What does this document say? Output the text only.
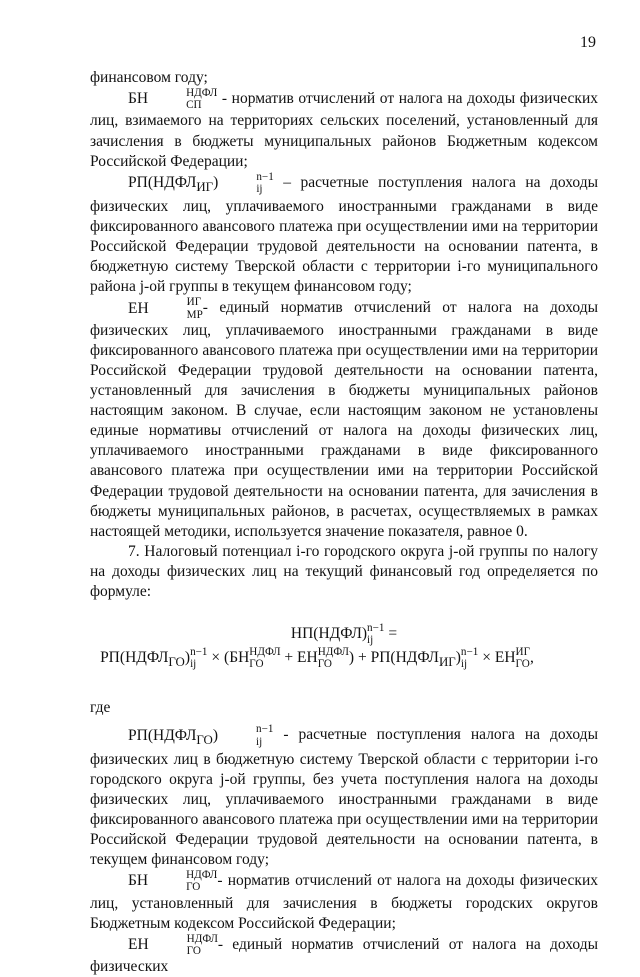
19

финансовом году;

БН	НДФЛ
СП	- норматив отчислений от налога на доходы физических лиц, взимаемого на территориях сельских поселений, установленный для зачисления в бюджеты муниципальных районов Бюджетным кодексом Российской Федерации;

$РП(НДФЛ_{ИГ})$	n−1
ij – расчетные поступления налога на доходы физических лиц, уплачиваемого иностранными гражданами в виде фиксированного авансового платежа при осуществлении ими на территории Российской Федерации трудовой деятельности на основании патента, в бюджетную систему Тверской области с территории i-го муниципального района j-ой группы в текущем финансовом году;

ЕН	ИГ
МР - единый норматив отчислений от налога на доходы физических лиц, уплачиваемого иностранными гражданами в виде фиксированного авансового платежа при осуществлении ими на территории Российской Федерации трудовой деятельности на основании патента, установленный для зачисления в бюджеты муниципальных районов настоящим законом. В случае, если настоящим законом не установлены единые нормативы отчислений от налога на доходы физических лиц, уплачиваемого иностранными гражданами в виде фиксированного авансового платежа при осуществлении ими на территории Российской Федерации трудовой деятельности на основании патента, для зачисления в бюджеты муниципальных районов, в расчетах, осуществляемых в рамках настоящей методики, используется значение показателя, равное 0.

7. Налоговый потенциал i-го городского округа j-ой группы по налогу на доходы физических лиц на текущий финансовый год определяется по формуле:

НП(НДФЛ) n−1
ij =
$РП(НДФЛ_{ГО})$ n−1
ij × (БН НДФЛ
ГО	+ ЕН НДФЛ
ГО	) + $РП(НДФЛ_{ИГ})$ n−1
ij × ЕН ИГ
ГО ,
где

$РП(НДФЛ_{ГО})$	n−1
ij - расчетные поступления налога на доходы физических лиц в бюджетную систему Тверской области с территории i-го городского округа j-ой группы, без учета поступления налога на доходы физических лиц, уплачиваемого иностранными гражданами в виде фиксированного авансового платежа при осуществлении ими на территории Российской Федерации трудовой деятельности на основании патента, в текущем финансовом году;

БН	НДФЛ
ГО	- норматив отчислений от налога на доходы физических лиц, установленный для зачисления в бюджеты городских округов Бюджетным кодексом Российской Федерации;

ЕН	НДФЛ
ГО	- единый норматив отчислений от налога на доходы физических
